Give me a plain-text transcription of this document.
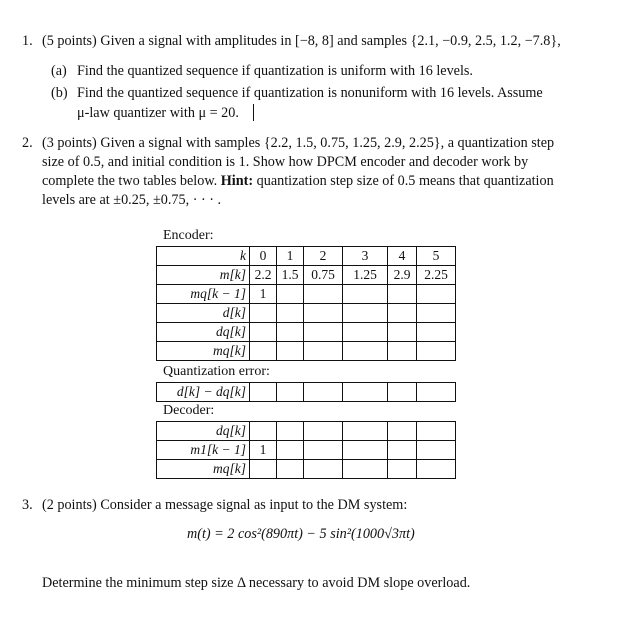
1. (5 points) Given a signal with amplitudes in [−8, 8] and samples {2.1, −0.9, 2.5, 1.2, −7.8},
(a) Find the quantized sequence if quantization is uniform with 16 levels.
(b) Find the quantized sequence if quantization is nonuniform with 16 levels. Assume
μ-law quantizer with μ = 20.
2. (3 points) Given a signal with samples {2.2, 1.5, 0.75, 1.25, 2.9, 2.25}, a quantization step
size of 0.5, and initial condition is 1. Show how DPCM encoder and decoder work by
complete the two tables below. Hint: quantization step size of 0.5 means that quantization
levels are at ±0.25, ±0.75, · · · .
Encoder:
k	0	1	2	3	4	5
m[k]	2.2	1.5	0.75	1.25	2.9	2.25
mq[k − 1]	1					
d[k]						
dq[k]						
mq[k]						
Quantization error:
d[k] − dq[k]						
Decoder:
dq[k]						
m1[k − 1]	1					
mq[k]						
3. (2 points) Consider a message signal as input to the DM system:
m(t) = 2 cos²(890πt) − 5 sin²(1000√3πt)
Determine the minimum step size Δ necessary to avoid DM slope overload.
